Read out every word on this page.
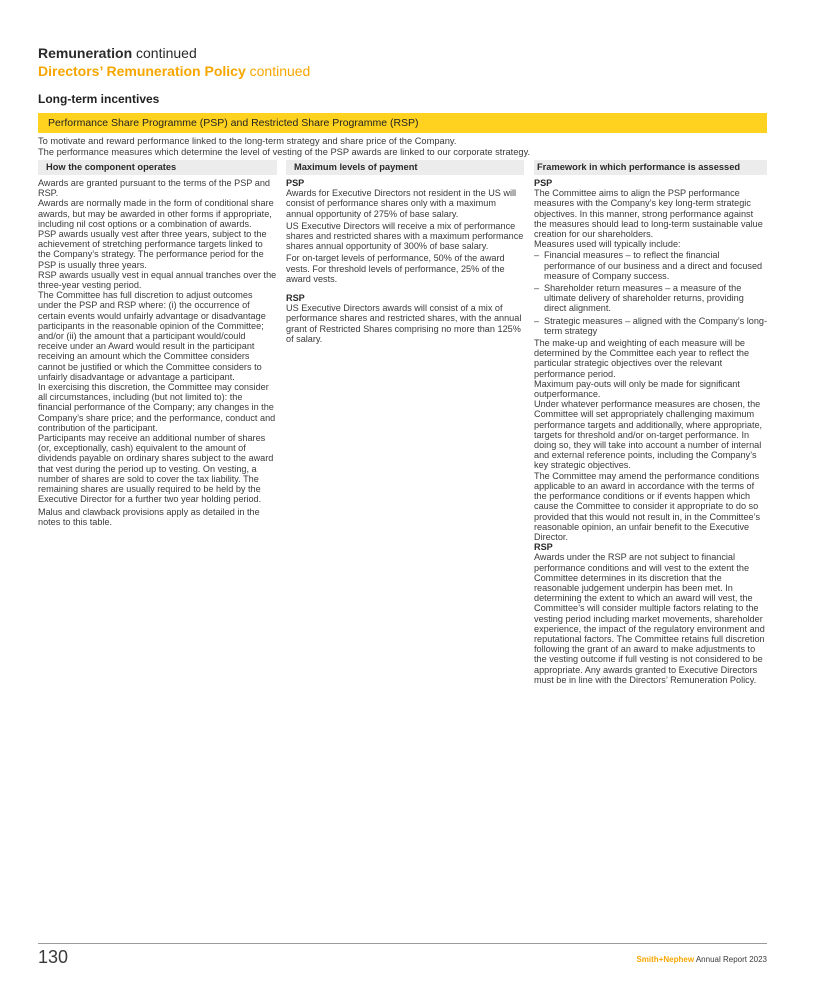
Remuneration continued
Directors’ Remuneration Policy continued
Long-term incentives
Performance Share Programme (PSP) and Restricted Share Programme (RSP)
To motivate and reward performance linked to the long-term strategy and share price of the Company.
The performance measures which determine the level of vesting of the PSP awards are linked to our corporate strategy.
How the component operates

Awards are granted pursuant to the terms of the PSP and RSP.

Awards are normally made in the form of conditional share awards, but may be awarded in other forms if appropriate, including nil cost options or a combination of awards.

PSP awards usually vest after three years, subject to the achievement of stretching performance targets linked to the Company’s strategy. The performance period for the PSP is usually three years.

RSP awards usually vest in equal annual tranches over the three-year vesting period.

The Committee has full discretion to adjust outcomes under the PSP and RSP where: (i) the occurrence of certain events would unfairly advantage or disadvantage participants in the reasonable opinion of the Committee; and/or (ii) the amount that a participant would/could receive under an Award would result in the participant receiving an amount which the Committee considers cannot be justified or which the Committee considers to unfairly disadvantage or advantage a participant.

In exercising this discretion, the Committee may consider all circumstances, including (but not limited to): the financial performance of the Company; any changes in the Company’s share price; and the performance, conduct and contribution of the participant.

Participants may receive an additional number of shares (or, exceptionally, cash) equivalent to the amount of dividends payable on ordinary shares subject to the award that vest during the period up to vesting. On vesting, a number of shares are sold to cover the tax liability. The remaining shares are usually required to be held by the Executive Director for a further two year holding period.

Malus and clawback provisions apply as detailed in the notes to this table.

Maximum levels of payment

PSP

Awards for Executive Directors not resident in the US will consist of performance shares only with a maximum annual opportunity of 275% of base salary.

US Executive Directors will receive a mix of performance shares and restricted shares with a maximum performance shares annual opportunity of 300% of base salary.

For on-target levels of performance, 50% of the award vests. For threshold levels of performance, 25% of the award vests.

RSP

US Executive Directors awards will consist of a mix of performance shares and restricted shares, with the annual grant of Restricted Shares comprising no more than 125% of salary.

Framework in which performance is assessed

PSP

The Committee aims to align the PSP performance measures with the Company’s key long-term strategic objectives. In this manner, strong performance against the measures should lead to long-term sustainable value creation for our shareholders.

Measures used will typically include:

– Financial measures – to reflect the financial performance of our business and a direct and focused measure of Company success.
– Shareholder return measures – a measure of the ultimate delivery of shareholder returns, providing direct alignment.
– Strategic measures – aligned with the Company’s long-term strategy

The make-up and weighting of each measure will be determined by the Committee each year to reflect the particular strategic objectives over the relevant performance period.

Maximum pay-outs will only be made for significant outperformance.

Under whatever performance measures are chosen, the Committee will set appropriately challenging maximum performance targets and additionally, where appropriate, targets for threshold and/or on-target performance. In doing so, they will take into account a number of internal and external reference points, including the Company’s key strategic objectives.

The Committee may amend the performance conditions applicable to an award in accordance with the terms of the performance conditions or if events happen which cause the Committee to consider it appropriate to do so provided that this would not result in, in the Committee’s reasonable opinion, an unfair benefit to the Executive Director.

RSP

Awards under the RSP are not subject to financial performance conditions and will vest to the extent the Committee determines in its discretion that the reasonable judgement underpin has been met. In determining the extent to which an award will vest, the Committee’s will consider multiple factors relating to the vesting period including market movements, shareholder experience, the impact of the regulatory environment and reputational factors. The Committee retains full discretion following the grant of an award to make adjustments to the vesting outcome if full vesting is not considered to be appropriate. Any awards granted to Executive Directors must be in line with the Directors’ Remuneration Policy.

130	Smith+Nephew Annual Report 2023
